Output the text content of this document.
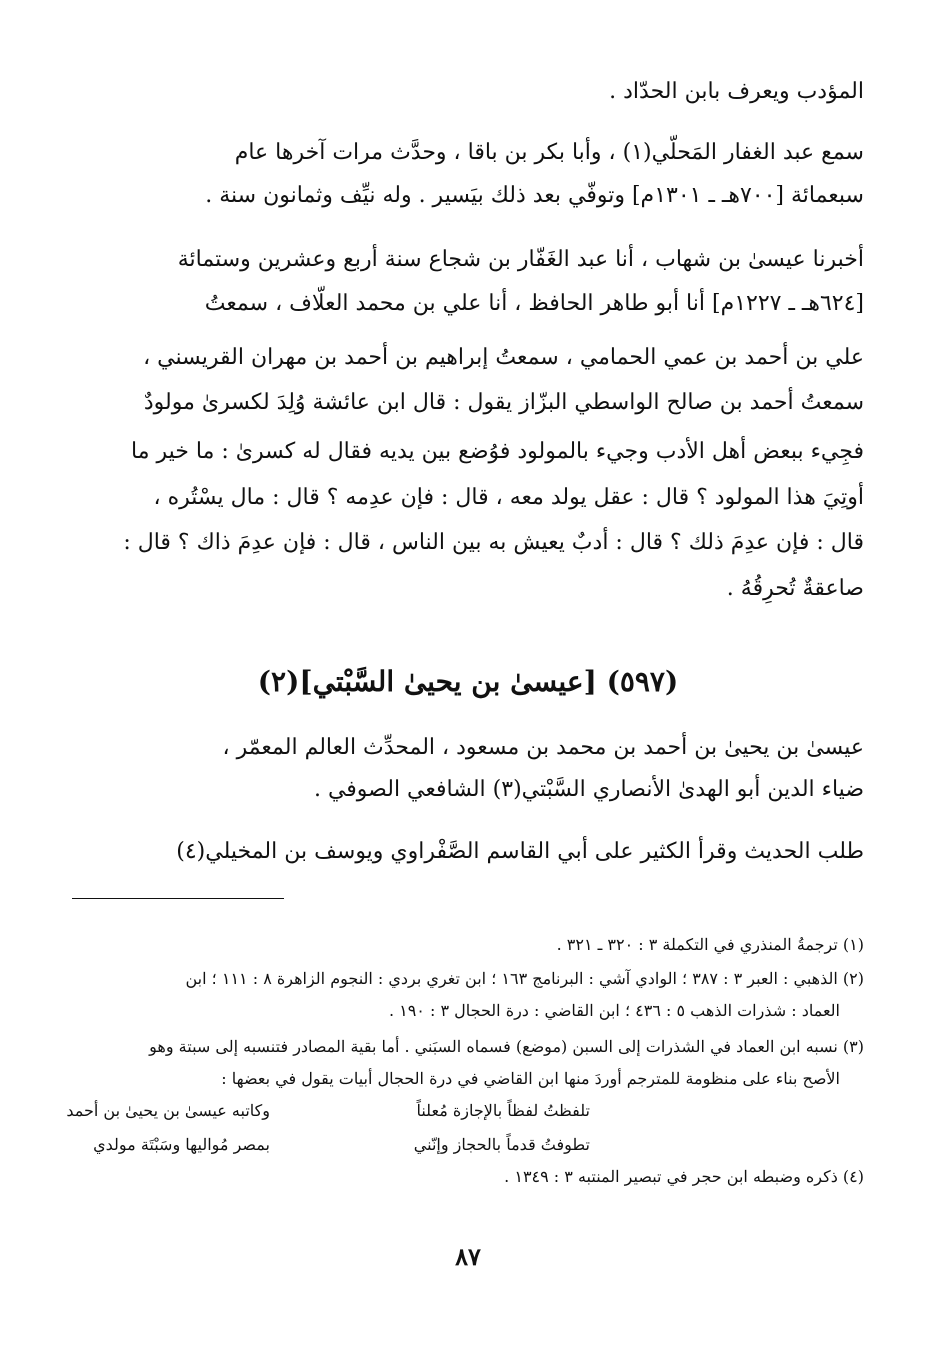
المؤدب ويعرف بابن الحدّاد .
سمع عبد الغفار المَحلّي(١) ، وأبا بكر بن باقا ، وحدَّث مرات آخرها عام
سبعمائة [٧٠٠هـ ـ ١٣٠١م] وتوفّي بعد ذلك بيَسير . وله نيِّف وثمانون سنة .
أخبرنا عيسىٰ بن شهاب ، أنا عبد الغَفّار بن شجاع سنة أربع وعشرين وستمائة
[٦٢٤هـ ـ ١٢٢٧م] أنا أبو طاهر الحافظ ، أنا علي بن محمد العلّاف ، سمعتُ
علي بن أحمد بن عمي الحمامي ، سمعتُ إبراهيم بن أحمد بن مهران القريسني ،
سمعتُ أحمد بن صالح الواسطي البزّاز يقول : قال ابن عائشة وُلِدَ لكسرىٰ مولودٌ
فجِيء ببعض أهل الأدب وجيء بالمولود فوُضع بين يديه فقال له كسرىٰ : ما خير ما
أوتِيَ هذا المولود ؟ قال : عقل يولد معه ، قال : فإن عدِمه ؟ قال : مال يسْتُره ،
قال : فإن عدِمَ ذلك ؟ قال : أدبٌ يعيش به بين الناس ، قال : فإن عدِمَ ذاك ؟ قال :
صاعقةٌ تُحرِقُهُ .
(٥٩٧) [عيسىٰ بن يحيىٰ السَّبْتي](٢)
عيسىٰ بن يحيىٰ بن أحمد بن محمد بن مسعود ، المحدِّث العالم المعمّر ،
ضياء الدين أبو الهدىٰ الأنصاري السَّبْتي(٣) الشافعي الصوفي .
طلب الحديث وقرأ الكثير على أبي القاسم الصَّفْراوي ويوسف بن المخيلي(٤)
(١) ترجمةُ المنذري في التكملة ٣ : ٣٢٠ ـ ٣٢١ .
(٢) الذهبي : العبر ٣ : ٣٨٧ ؛ الوادي آشي : البرنامج ١٦٣ ؛ ابن تغري بردي : النجوم الزاهرة ٨ : ١١١ ؛ ابن
العماد : شذرات الذهب ٥ : ٤٣٦ ؛ ابن القاضي : درة الحجال ٣ : ١٩٠ .
(٣) نسبه ابن العماد في الشذرات إلى السبن (موضع) فسماه السبَني . أما بقية المصادر فتنسبه إلى سبتة وهو
الأصح بناء على منظومة للمترجم أوردَ منها ابن القاضي في درة الحجال أبيات يقول في بعضها :
تلفظتُ لفظاً بالإجازة مُعلناً
وكاتبه عيسىٰ بن يحيىٰ بن أحمد
تطوفتُ قدماً بالحجاز وإنّني
بمصر مُواليها وسَبْتَة مولدي
(٤) ذكره وضبطه ابن حجر في تبصير المنتبه ٣ : ١٣٤٩ .
٨٧
